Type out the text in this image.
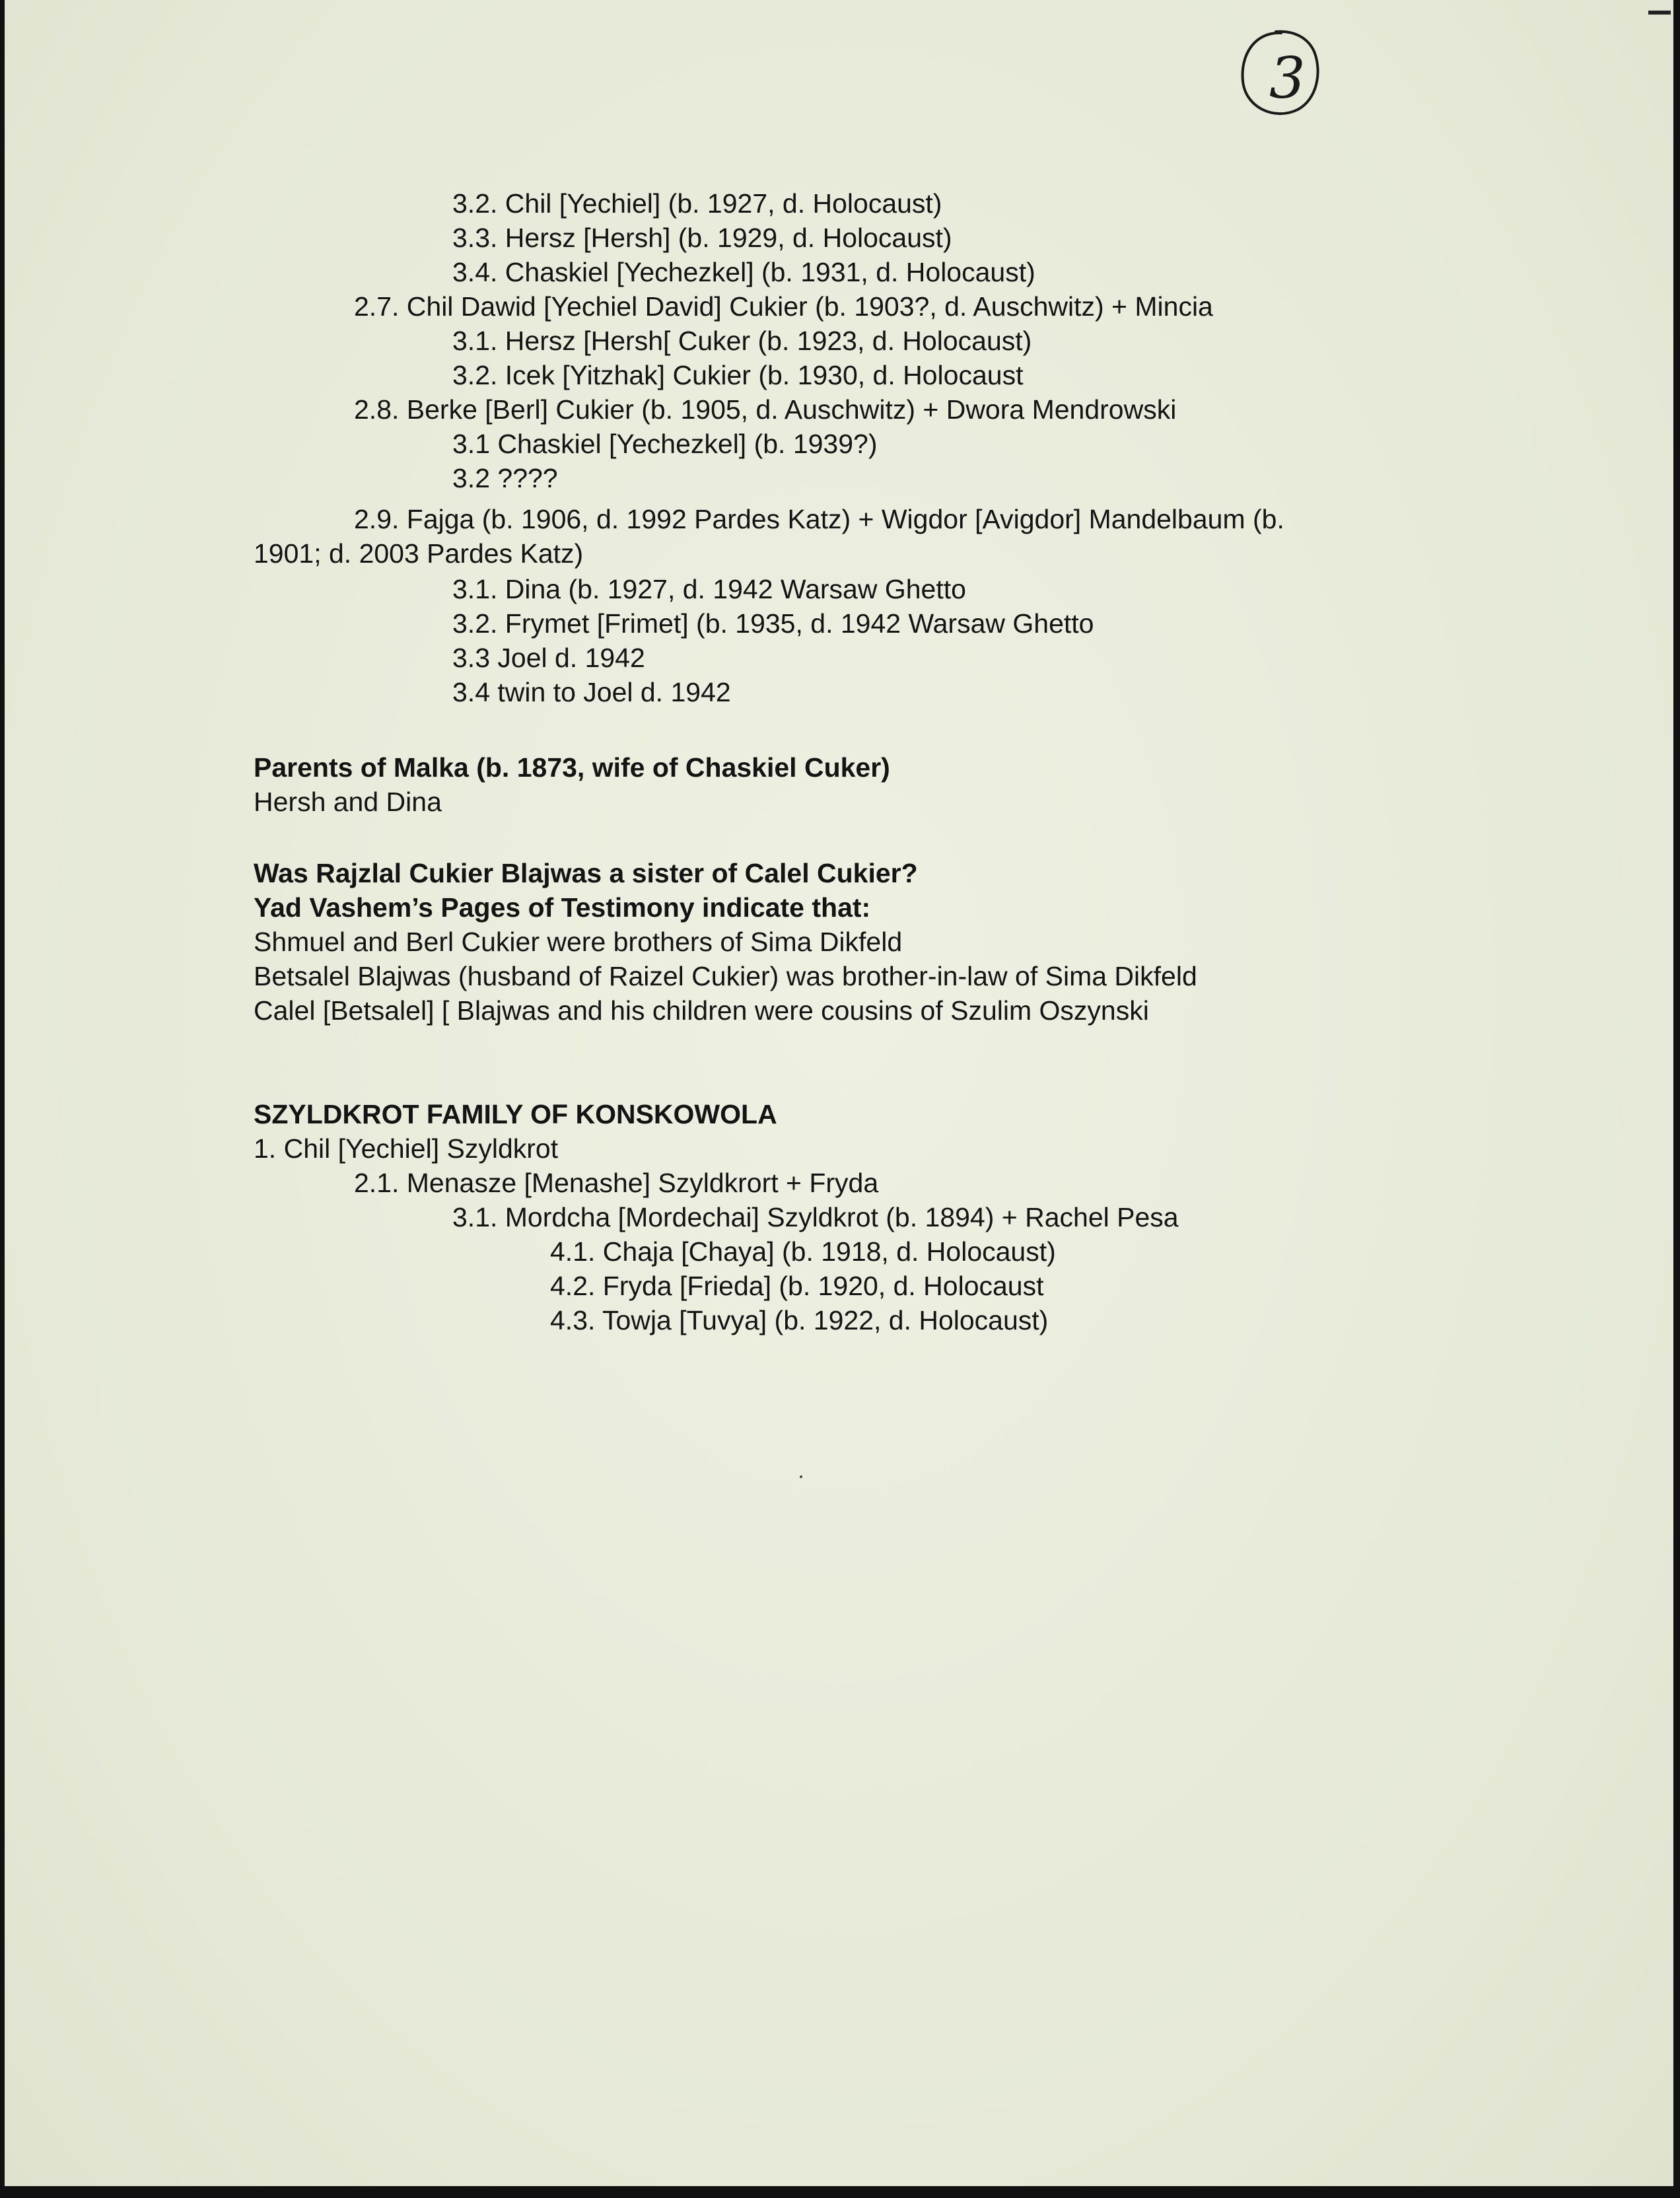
3
3.2. Chil [Yechiel] (b. 1927, d. Holocaust)
3.3. Hersz [Hersh] (b. 1929, d. Holocaust)
3.4. Chaskiel [Yechezkel] (b. 1931, d. Holocaust)
2.7. Chil Dawid [Yechiel David] Cukier (b. 1903?, d. Auschwitz) + Mincia
3.1. Hersz [Hersh[ Cuker (b. 1923, d. Holocaust)
3.2. Icek [Yitzhak] Cukier (b. 1930, d. Holocaust
2.8. Berke [Berl] Cukier (b. 1905, d. Auschwitz) + Dwora Mendrowski
3.1 Chaskiel [Yechezkel] (b. 1939?)
3.2 ????
2.9. Fajga (b. 1906, d. 1992 Pardes Katz) + Wigdor [Avigdor] Mandelbaum (b.
1901; d. 2003 Pardes Katz)
3.1. Dina (b. 1927, d. 1942 Warsaw Ghetto
3.2. Frymet [Frimet] (b. 1935, d. 1942 Warsaw Ghetto
3.3 Joel d. 1942
3.4 twin to Joel d. 1942
Parents of Malka (b. 1873, wife of Chaskiel Cuker)
Hersh and Dina
Was Rajzlal Cukier Blajwas a sister of Calel Cukier?
Yad Vashem’s Pages of Testimony indicate that:
Shmuel and Berl Cukier were brothers of Sima Dikfeld
Betsalel Blajwas (husband of Raizel Cukier) was brother-in-law of Sima Dikfeld
Calel [Betsalel] [ Blajwas and his children were cousins of Szulim Oszynski
SZYLDKROT FAMILY OF KONSKOWOLA
1. Chil [Yechiel] Szyldkrot
2.1. Menasze [Menashe] Szyldkrort + Fryda
3.1. Mordcha [Mordechai] Szyldkrot (b. 1894) + Rachel Pesa
4.1. Chaja [Chaya] (b. 1918, d. Holocaust)
4.2. Fryda [Frieda] (b. 1920, d. Holocaust
4.3. Towja [Tuvya] (b. 1922, d. Holocaust)
